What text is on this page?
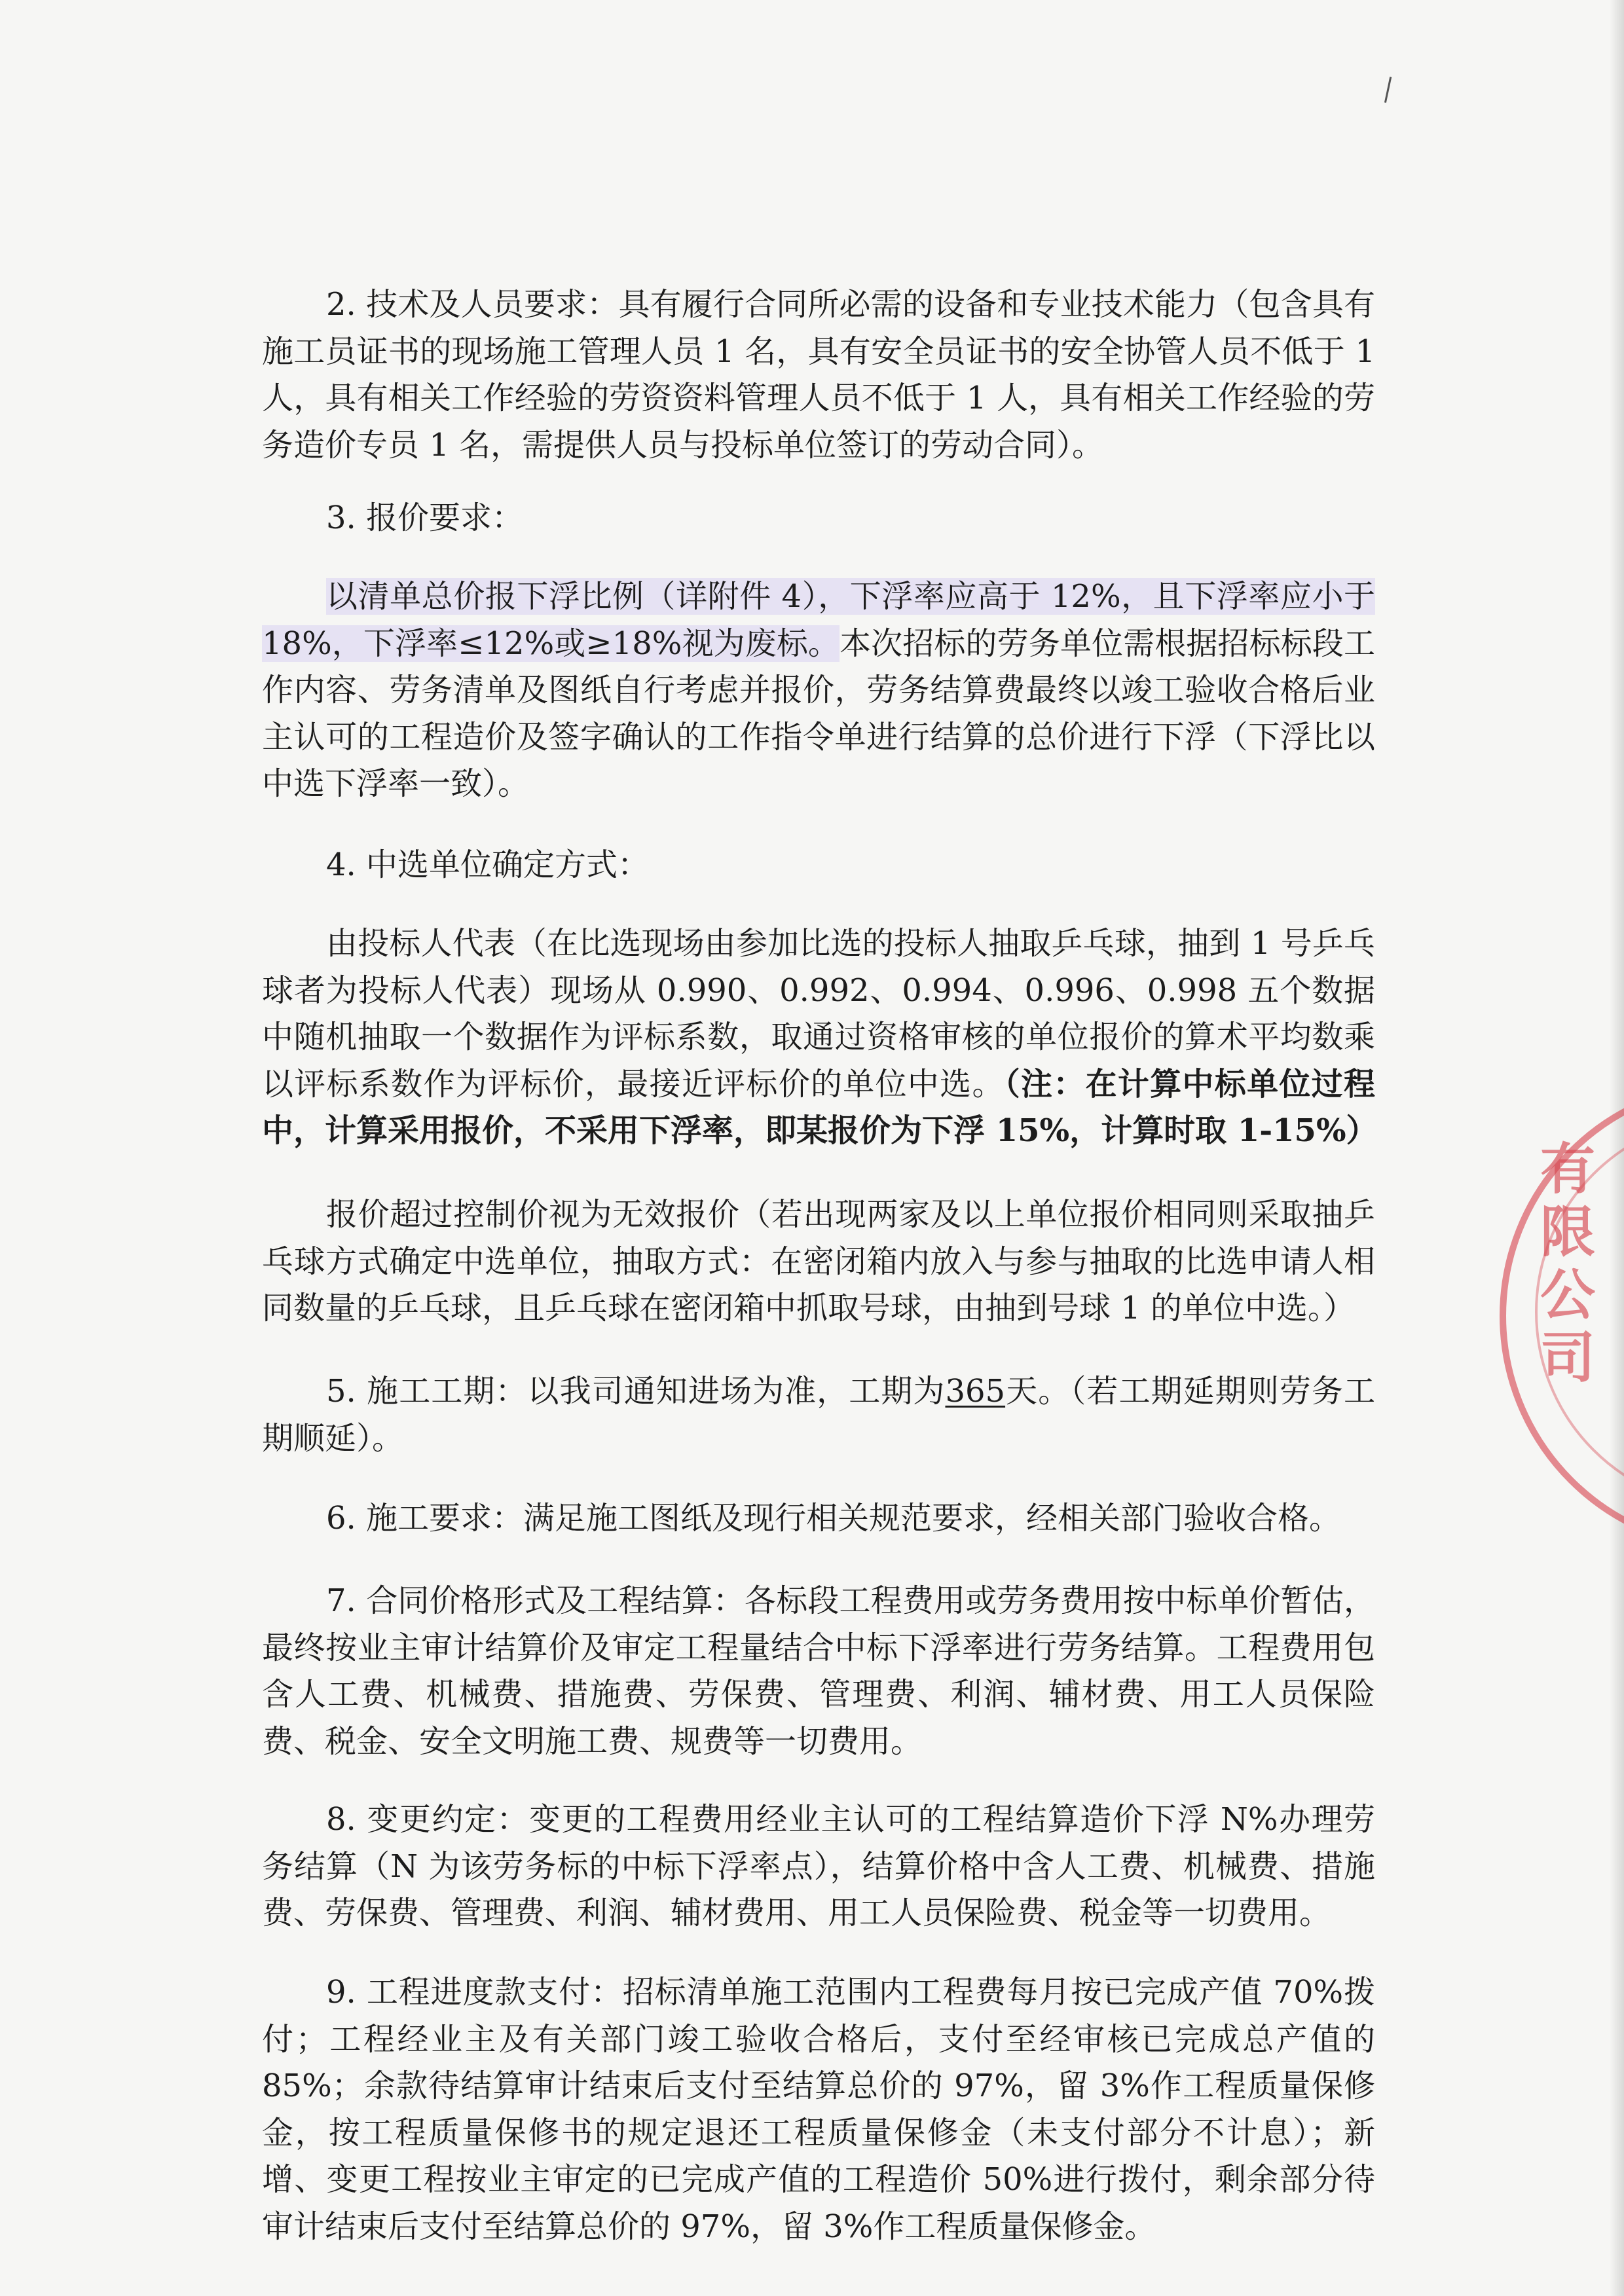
2. 技术及人员要求：具有履行合同所必需的设备和专业技术能力（包含具有施工员证书的现场施工管理人员 1 名，具有安全员证书的安全协管人员不低于 1 人，具有相关工作经验的劳资资料管理人员不低于 1 人，具有相关工作经验的劳务造价专员 1 名，需提供人员与投标单位签订的劳动合同）。

3. 报价要求：

以清单总价报下浮比例（详附件 4），下浮率应高于 12%，且下浮率应小于 18%，下浮率≤12%或≥18%视为废标。本次招标的劳务单位需根据招标标段工作内容、劳务清单及图纸自行考虑并报价，劳务结算费最终以竣工验收合格后业主认可的工程造价及签字确认的工作指令单进行结算的总价进行下浮（下浮比以中选下浮率一致）。

4. 中选单位确定方式：

由投标人代表（在比选现场由参加比选的投标人抽取乒乓球，抽到 1 号乒乓球者为投标人代表）现场从 0.990、0.992、0.994、0.996、0.998 五个数据中随机抽取一个数据作为评标系数，取通过资格审核的单位报价的算术平均数乘以评标系数作为评标价，最接近评标价的单位中选。（注：在计算中标单位过程中，计算采用报价，不采用下浮率，即某报价为下浮 15%，计算时取 1-15%）

报价超过控制价视为无效报价（若出现两家及以上单位报价相同则采取抽乒乓球方式确定中选单位，抽取方式：在密闭箱内放入与参与抽取的比选申请人相同数量的乒乓球，且乒乓球在密闭箱中抓取号球，由抽到号球 1 的单位中选。）

5. 施工工期：以我司通知进场为准，工期为365天。（若工期延期则劳务工期顺延）。

6. 施工要求：满足施工图纸及现行相关规范要求，经相关部门验收合格。

7. 合同价格形式及工程结算：各标段工程费用或劳务费用按中标单价暂估，最终按业主审计结算价及审定工程量结合中标下浮率进行劳务结算。工程费用包含人工费、机械费、措施费、劳保费、管理费、利润、辅材费、用工人员保险费、税金、安全文明施工费、规费等一切费用。

8. 变更约定：变更的工程费用经业主认可的工程结算造价下浮 N%办理劳务结算（N 为该劳务标的中标下浮率点），结算价格中含人工费、机械费、措施费、劳保费、管理费、利润、辅材费用、用工人员保险费、税金等一切费用。

9. 工程进度款支付：招标清单施工范围内工程费每月按已完成产值 70%拨付；工程经业主及有关部门竣工验收合格后，支付至经审核已完成总产值的 85%；余款待结算审计结束后支付至结算总价的 97%，留 3%作工程质量保修金，按工程质量保修书的规定退还工程质量保修金（未支付部分不计息）；新增、变更工程按业主审定的已完成产值的工程造价 50%进行拨付，剩余部分待审计结束后支付至结算总价的 97%，留 3%作工程质量保修金。

有限公司
